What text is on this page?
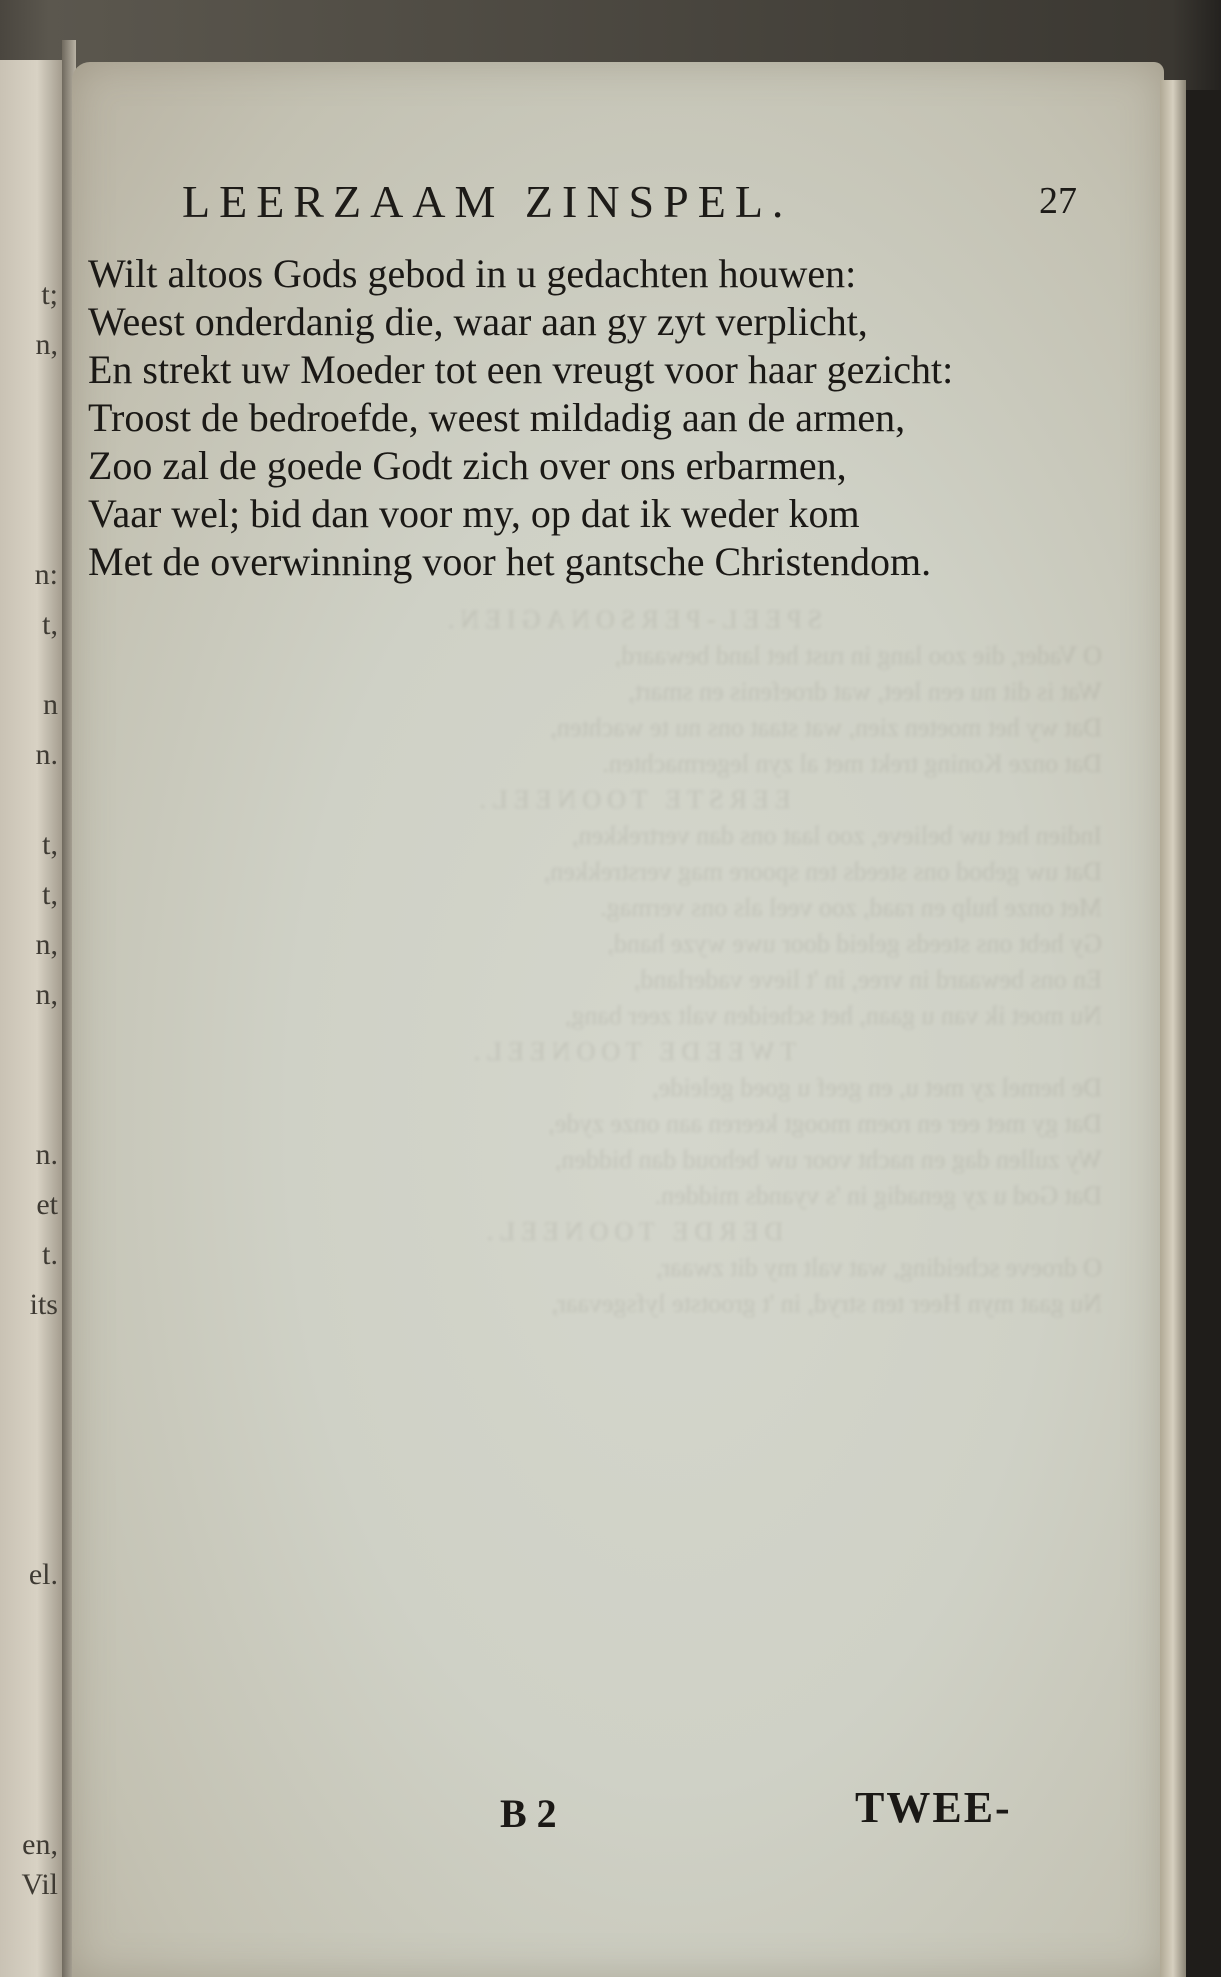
t;
n,
n:
t,
n
n.
t,
t,
n,
n,
n.
et
t.
its
el.
en,
Vil
SPEEL-PERSONAGIEN.
O Vader, die zoo lang in rust het land bewaard,
Wat is dit nu een leet, wat droefenis en smart,
Dat wy het moeten zien, wat staat ons nu te wachten,
Dat onze Koning trekt met al zyn legermachten.
EERSTE TOONEEL.
Indien het uw believe, zoo laat ons dan vertrekken,
Dat uw gebod ons steeds ten spoore mag verstrekken,
Met onze hulp en raad, zoo veel als ons vermag.
Gy hebt ons steeds geleid door uwe wyze hand,
En ons bewaard in vree, in 't lieve vaderland,
Nu moet ik van u gaan, het scheiden valt zeer bang,
TWEEDE TOONEEL.
De hemel zy met u, en geef u goed geleide,
Dat gy met eer en roem moogt keeren aan onze zyde,
Wy zullen dag en nacht voor uw behoud dan bidden,
Dat God u zy genadig in 's vyands midden.
DERDE TOONEEL.
O droeve scheiding, wat valt my dit zwaar,
Nu gaat myn Heer ten stryd, in 't grootste lyfsgevaar,
LEERZAAM ZINSPEL.	27
Wilt altoos Gods gebod in u gedachten houwen:
Weest onderdanig die, waar aan gy zyt verplicht,
En strekt uw Moeder tot een vreugt voor haar gezicht:
Troost de bedroefde, weest mildadig aan de armen,
Zoo zal de goede Godt zich over ons erbarmen,
Vaar wel; bid dan voor my, op dat ik weder kom
Met de overwinning voor het gantsche Christendom.
B 2	TWEE-
